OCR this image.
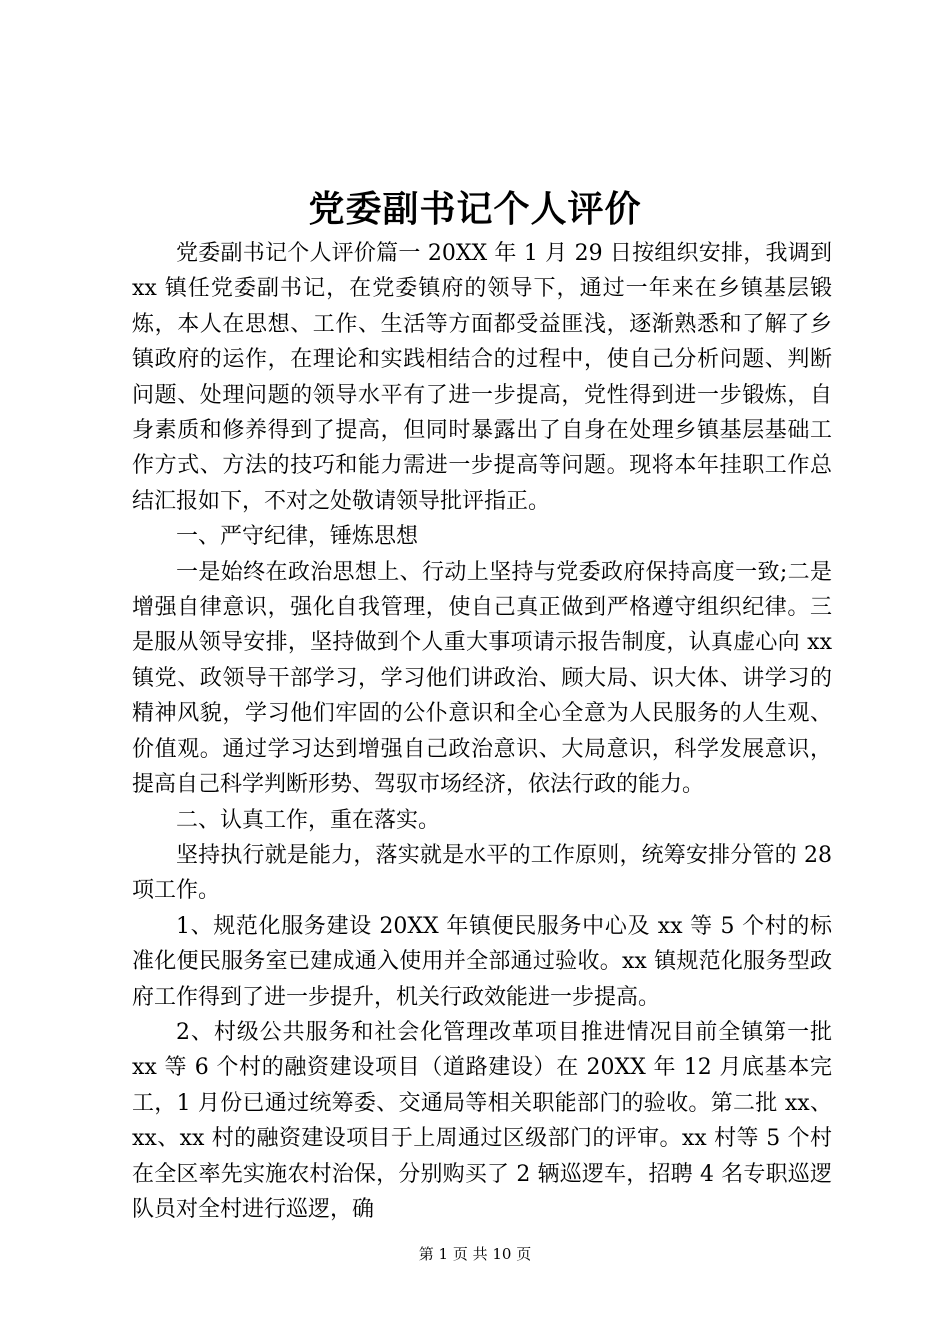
党委副书记个人评价

党委副书记个人评价篇一 20XX 年 1 月 29 日按组织安排，我调到 xx 镇任党委副书记，在党委镇府的领导下，通过一年来在乡镇基层锻炼，本人在思想、工作、生活等方面都受益匪浅，逐渐熟悉和了解了乡镇政府的运作，在理论和实践相结合的过程中，使自己分析问题、判断问题、处理问题的领导水平有了进一步提高，党性得到进一步锻炼，自身素质和修养得到了提高，但同时暴露出了自身在处理乡镇基层基础工作方式、方法的技巧和能力需进一步提高等问题。现将本年挂职工作总结汇报如下，不对之处敬请领导批评指正。

一、严守纪律，锤炼思想

一是始终在政治思想上、行动上坚持与党委政府保持高度一致;二是增强自律意识，强化自我管理，使自己真正做到严格遵守组织纪律。三是服从领导安排，坚持做到个人重大事项请示报告制度，认真虚心向 xx 镇党、政领导干部学习，学习他们讲政治、顾大局、识大体、讲学习的精神风貌，学习他们牢固的公仆意识和全心全意为人民服务的人生观、价值观。通过学习达到增强自己政治意识、大局意识，科学发展意识，提高自己科学判断形势、驾驭市场经济，依法行政的能力。

二、认真工作，重在落实。

坚持执行就是能力，落实就是水平的工作原则，统筹安排分管的 28 项工作。

1、规范化服务建设 20XX 年镇便民服务中心及 xx 等 5 个村的标准化便民服务室已建成通入使用并全部通过验收。xx 镇规范化服务型政府工作得到了进一步提升，机关行政效能进一步提高。

2、村级公共服务和社会化管理改革项目推进情况目前全镇第一批 xx 等 6 个村的融资建设项目（道路建设）在 20XX 年 12 月底基本完工，1 月份已通过统筹委、交通局等相关职能部门的验收。第二批 xx、xx、xx 村的融资建设项目于上周通过区级部门的评审。xx 村等 5 个村在全区率先实施农村治保，分别购买了 2 辆巡逻车，招聘 4 名专职巡逻队员对全村进行巡逻，确

第 1 页 共 10 页
